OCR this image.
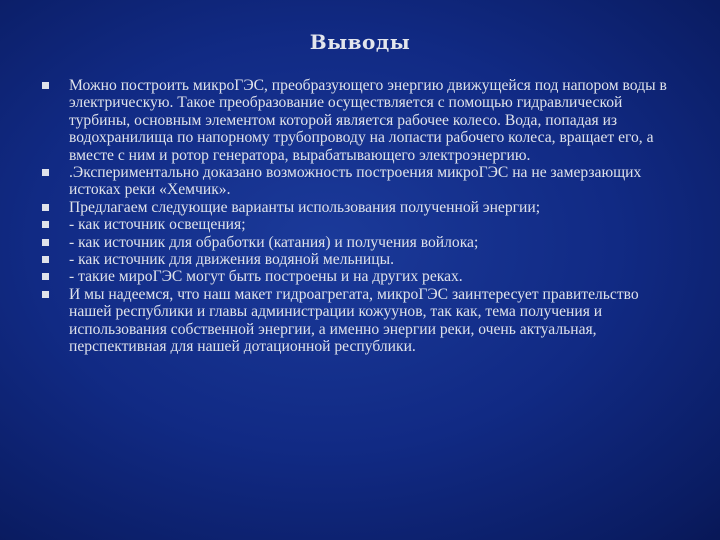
Выводы
Можно построить микроГЭС, преобразующего энергию движущейся под напором воды в электрическую. Такое преобразование осуществляется с помощью гидравлической турбины, основным элементом которой является рабочее колесо. Вода, попадая из водохранилища по напорному трубопроводу на лопасти рабочего колеса, вращает его, а вместе с ним и ротор генератора, вырабатывающего электроэнергию.
.Экспериментально доказано возможность построения микроГЭС на не замерзающих истоках реки «Хемчик».
Предлагаем следующие варианты использования полученной энергии;
- как источник освещения;
- как источник для обработки (катания) и получения войлока;
- как источник для движения водяной мельницы.
- такие мироГЭС могут быть построены и на других реках.
И мы надеемся, что наш макет гидроагрегата, микроГЭС заинтересует правительство нашей республики и главы администрации кожуунов, так как, тема получения и использования собственной энергии, а именно энергии реки, очень актуальная, перспективная для нашей дотационной республики.
